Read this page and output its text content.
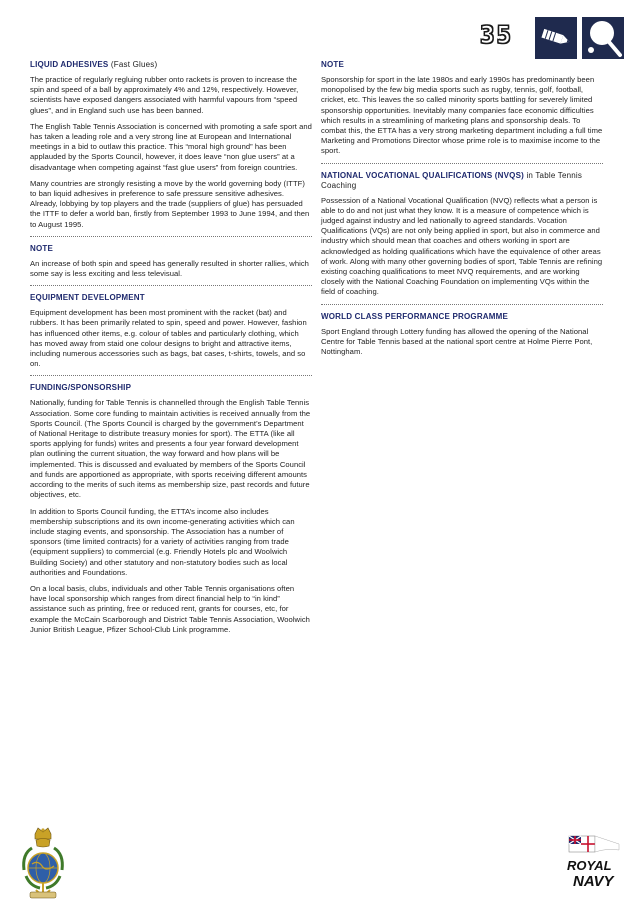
35
LIQUID ADHESIVES (Fast Glues)

The practice of regularly regluing rubber onto rackets is proven to increase the spin and speed of a ball by approximately 4% and 12%, respectively. However, scientists have exposed dangers associated with harmful vapours from “speed glues”, and in England such use has been banned.

The English Table Tennis Association is concerned with promoting a safe sport and has taken a leading role and a very strong line at European and International meetings in a bid to outlaw this practice. This “moral high ground” has been applauded by the Sports Council, however, it does leave “non glue users” at a disadvantage when competing against “fast glue users” from foreign countries.

Many countries are strongly resisting a move by the world governing body (ITTF) to ban liquid adhesives in preference to safe pressure sensitive adhesives. Already, lobbying by top players and the trade (suppliers of glue) has persuaded the ITTF to defer a world ban, firstly from September 1993 to June 1994, and then to August 1995.

NOTE

An increase of both spin and speed has generally resulted in shorter rallies, which some say is less exciting and less televisual.

EQUIPMENT DEVELOPMENT

Equipment development has been most prominent with the racket (bat) and rubbers. It has been primarily related to spin, speed and power. However, fashion has influenced other items, e.g. colour of tables and particularly clothing, which has moved away from staid one colour designs to bright and attractive items, including numerous accessories such as bags, bat cases, t-shirts, towels, and so on.

FUNDING/SPONSORSHIP

Nationally, funding for Table Tennis is channelled through the English Table Tennis Association. Some core funding to maintain activities is received annually from the Sports Council. (The Sports Council is charged by the government’s Department of National Heritage to distribute treasury monies for sport). The ETTA (like all sports applying for funds) writes and presents a four year forward development plan outlining the current situation, the way forward and how plans will be implemented. This is discussed and evaluated by members of the Sports Council and funds are apportioned as appropriate, with sports receiving different amounts according to the merits of such items as membership size, past records and future objectives, etc.

In addition to Sports Council funding, the ETTA’s income also includes membership subscriptions and its own income-generating activities which can include staging events, and sponsorship. The Association has a number of sponsors (time limited contracts) for a variety of activities ranging from trade (equipment suppliers) to commercial (e.g. Friendly Hotels plc and Woolwich Building Society) and other statutory and non-statutory bodies such as local authorities and Foundations.

On a local basis, clubs, individuals and other Table Tennis organisations often have local sponsorship which ranges from direct financial help to “in kind” assistance such as printing, free or reduced rent, grants for courses, etc, for example the McCain Scarborough and District Table Tennis Association, Woolwich Junior British League, Pfizer School-Club Link programme.

NOTE

Sponsorship for sport in the late 1980s and early 1990s has predominantly been monopolised by the few big media sports such as rugby, tennis, golf, football, cricket, etc. This leaves the so called minority sports battling for severely limited sponsorship opportunities. Inevitably many companies face economic difficulties which results in a streamlining of marketing plans and sponsorship deals. To combat this, the ETTA has a very strong marketing department including a full time Marketing and Promotions Director whose prime role is to maximise income to the sport.

NATIONAL VOCATIONAL QUALIFICATIONS (NVQS) in Table Tennis Coaching

Possession of a National Vocational Qualification (NVQ) reflects what a person is able to do and not just what they know. It is a measure of competence which is judged against industry and led nationally to agreed standards. Vocation Qualifications (VQs) are not only being applied in sport, but also in commerce and industry which should mean that coaches and others working in sport are acknowledged as holding qualifications which have the equivalence of other areas of work. Along with many other governing bodies of sport, Table Tennis are refining existing coaching qualifications to meet NVQ requirements, and are working closely with the National Coaching Foundation on implementing VQs within the field of coaching.

WORLD CLASS PERFORMANCE PROGRAMME

Sport England through Lottery funding has allowed the opening of the National Centre for Table Tennis based at the national sport centre at Holme Pierre Pont, Nottingham.

ROYAL
NAVY
